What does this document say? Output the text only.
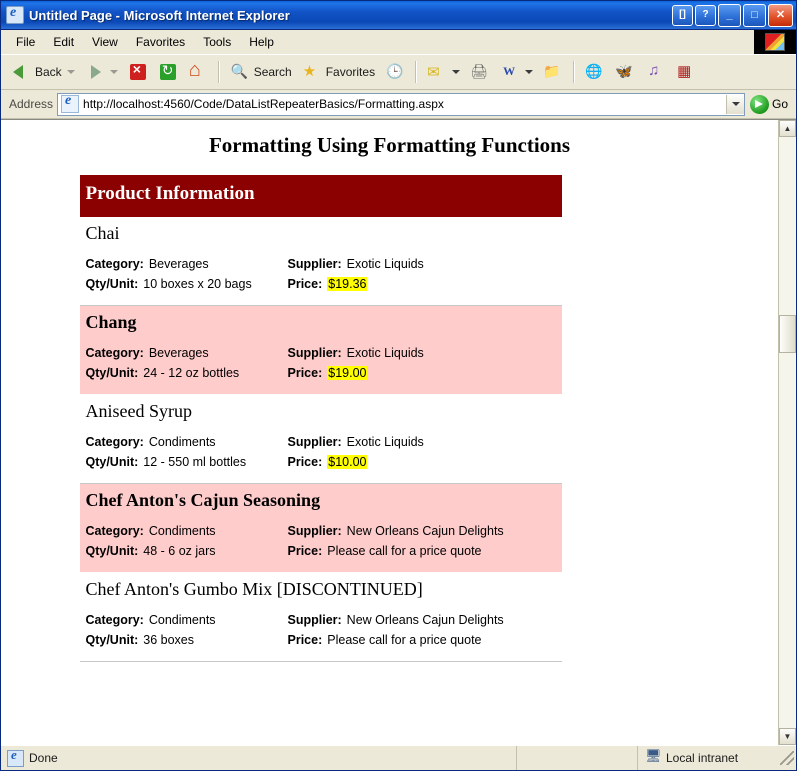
e
Untitled Page - Microsoft Internet Explorer	[]	?	_	□	✕
File	Edit	View	Favorites	Tools	Help
Back × ↻ ⌂ 🔍	Search ★	Favorites
🕒
✉
🖨
W
📁
🌐
🦋
♫
▦
Address e	http://localhost:4560/Code/DataListRepeaterBasics/Formatting.aspx	Go
Formatting Using Formatting Functions
Product Information
Chai
Category: Beverages	Supplier: Exotic Liquids
Qty/Unit: 10 boxes x 20 bags	Price: $19.36
Chang
Category: Beverages	Supplier: Exotic Liquids
Qty/Unit: 24 - 12 oz bottles	Price: $19.00
Aniseed Syrup
Category: Condiments	Supplier: Exotic Liquids
Qty/Unit: 12 - 550 ml bottles	Price: $10.00
Chef Anton's Cajun Seasoning
Category: Condiments	Supplier: New Orleans Cajun Delights
Qty/Unit: 48 - 6 oz jars	Price: Please call for a price quote
Chef Anton's Gumbo Mix [DISCONTINUED]
Category: Condiments	Supplier: New Orleans Cajun Delights
Qty/Unit: 36 boxes	Price: Please call for a price quote
▲
▼
e
Done 🖥	Local intranet
